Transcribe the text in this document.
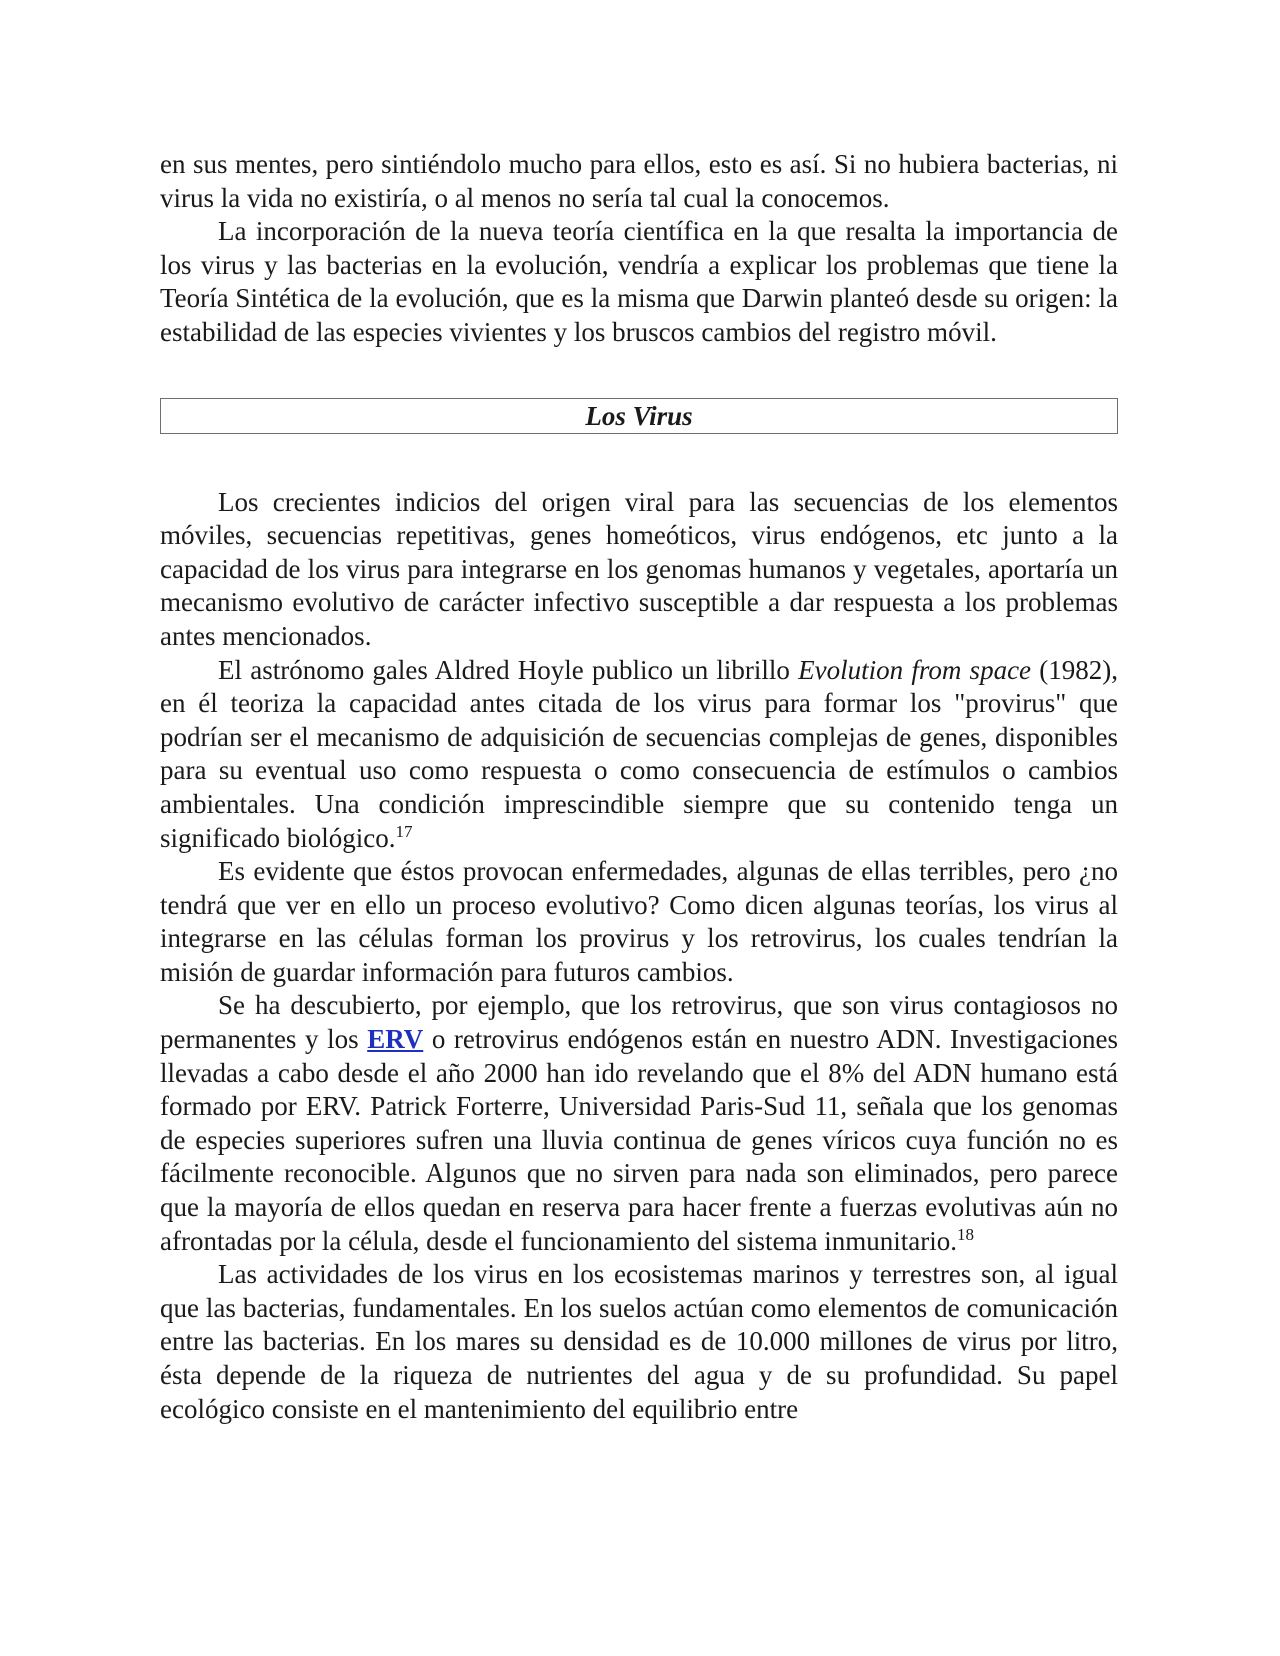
en sus mentes, pero sintiéndolo mucho para ellos, esto es así. Si no hubiera bacterias, ni virus la vida no existiría, o al menos no sería tal cual la conocemos.

La incorporación de la nueva teoría científica en la que resalta la importancia de los virus y las bacterias en la evolución, vendría a explicar los problemas que tiene la Teoría Sintética de la evolución, que es la misma que Darwin planteó desde su origen: la estabilidad de las especies vivientes y los bruscos cambios del registro móvil.

Los Virus

Los crecientes indicios del origen viral para las secuencias de los elementos móviles, secuencias repetitivas, genes homeóticos, virus endógenos, etc junto a la capacidad de los virus para integrarse en los genomas humanos y vegetales, aportaría un mecanismo evolutivo de carácter infectivo susceptible a dar respuesta a los problemas antes mencionados.

El astrónomo gales Aldred Hoyle publico un librillo Evolution from space (1982), en él teoriza la capacidad antes citada de los virus para formar los "provirus" que podrían ser el mecanismo de adquisición de secuencias complejas de genes, disponibles para su eventual uso como respuesta o como consecuencia de estímulos o cambios ambientales. Una condición imprescindible siempre que su contenido tenga un significado biológico.$^{17}$

Es evidente que éstos provocan enfermedades, algunas de ellas terribles, pero ¿no tendrá que ver en ello un proceso evolutivo? Como dicen algunas teorías, los virus al integrarse en las células forman los provirus y los retrovirus, los cuales tendrían la misión de guardar información para futuros cambios.

Se ha descubierto, por ejemplo, que los retrovirus, que son virus contagiosos no permanentes y los ERV o retrovirus endógenos están en nuestro ADN. Investigaciones llevadas a cabo desde el año 2000 han ido revelando que el 8% del ADN humano está formado por ERV. Patrick Forterre, Universidad Paris-Sud 11, señala que los genomas de especies superiores sufren una lluvia continua de genes víricos cuya función no es fácilmente reconocible. Algunos que no sirven para nada son eliminados, pero parece que la mayoría de ellos quedan en reserva para hacer frente a fuerzas evolutivas aún no afrontadas por la célula, desde el funcionamiento del sistema inmunitario.$^{18}$

Las actividades de los virus en los ecosistemas marinos y terrestres son, al igual que las bacterias, fundamentales. En los suelos actúan como elementos de comunicación entre las bacterias. En los mares su densidad es de 10.000 millones de virus por litro, ésta depende de la riqueza de nutrientes del agua y de su profundidad. Su papel ecológico consiste en el mantenimiento del equilibrio entre
